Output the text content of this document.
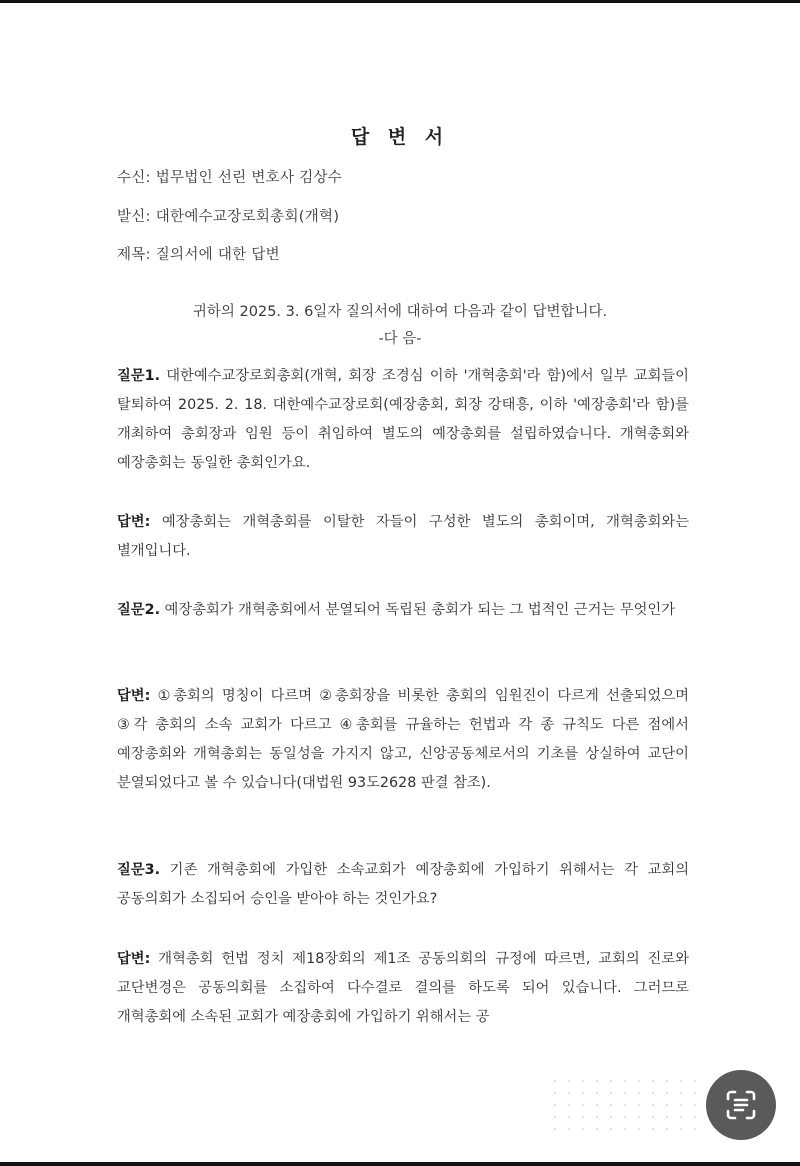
답 변 서
수신: 법무법인 선린 변호사 김상수
발신: 대한예수교장로회총회(개혁)
제목: 질의서에 대한 답변
귀하의 2025. 3. 6일자 질의서에 대하여 다음과 같이 답변합니다.
-다 음-
질문1. 대한예수교장로회총회(개혁, 회장 조경심 이하 '개혁총회'라 함)에서 일부 교회들이 탈퇴하여 2025. 2. 18. 대한예수교장로회(예장총회, 회장 강태흥, 이하 '예장총회'라 함)를 개최하여 총회장과 임원 등이 취임하여 별도의 예장총회를 설립하였습니다. 개혁총회와 예장총회는 동일한 총회인가요.
답변: 예장총회는 개혁총회를 이탈한 자들이 구성한 별도의 총회이며, 개혁총회와는 별개입니다.
질문2. 예장총회가 개혁총회에서 분열되어 독립된 총회가 되는 그 법적인 근거는 무엇인가
답변: ①총회의 명칭이 다르며 ②총회장을 비롯한 총회의 임원진이 다르게 선출되었으며 ③각 총회의 소속 교회가 다르고 ④총회를 규율하는 헌법과 각 종 규칙도 다른 점에서 예장총회와 개혁총회는 동일성을 가지지 않고, 신앙공동체로서의 기초를 상실하여 교단이 분열되었다고 볼 수 있습니다(대법원 93도2628 판결 참조).
질문3. 기존 개혁총회에 가입한 소속교회가 예장총회에 가입하기 위해서는 각 교회의 공동의회가 소집되어 승인을 받아야 하는 것인가요?
답변: 개혁총회 헌법 정치 제18장회의 제1조 공동의회의 규정에 따르면, 교회의 진로와 교단변경은 공동의회를 소집하여 다수결로 결의를 하도록 되어 있습니다. 그러므로 개혁총회에 소속된 교회가 예장총회에 가입하기 위해서는 공
